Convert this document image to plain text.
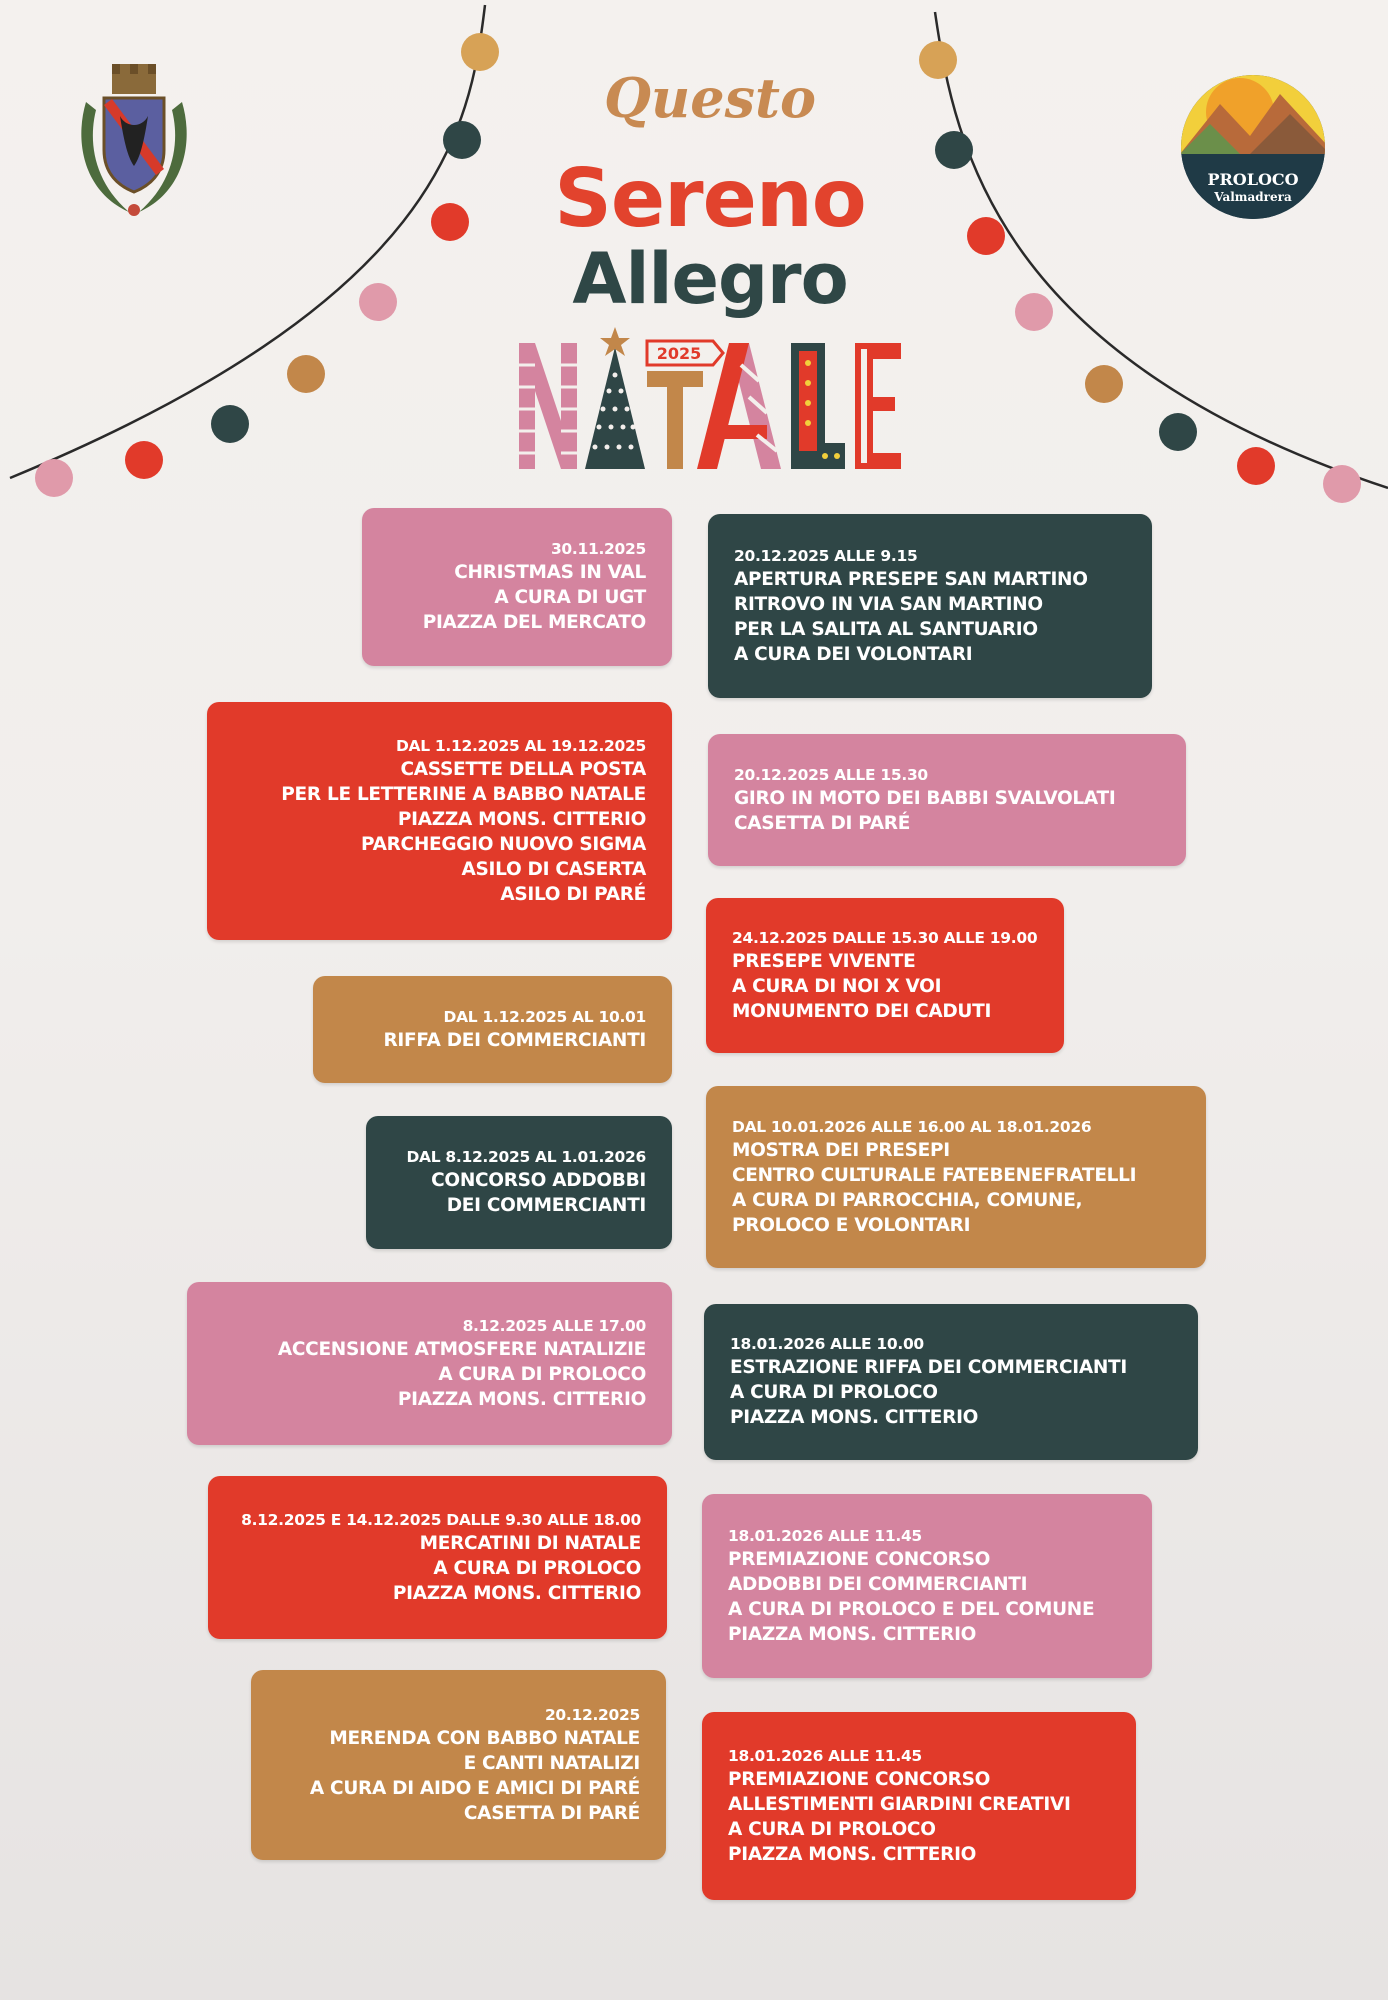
PROLOCO
Valmadrera
Questo
Sereno
Allegro
2025
30.11.2025
CHRISTMAS IN VAL
A CURA DI UGT
PIAZZA DEL MERCATO
DAL 1.12.2025 AL 19.12.2025
CASSETTE DELLA POSTA
PER LE LETTERINE A BABBO NATALE
PIAZZA MONS. CITTERIO
PARCHEGGIO NUOVO SIGMA
ASILO DI CASERTA
ASILO DI PARÉ
DAL 1.12.2025 AL 10.01
RIFFA DEI COMMERCIANTI
DAL 8.12.2025 AL 1.01.2026
CONCORSO ADDOBBI
DEI COMMERCIANTI
8.12.2025 ALLE 17.00
ACCENSIONE ATMOSFERE NATALIZIE
A CURA DI PROLOCO
PIAZZA MONS. CITTERIO
8.12.2025 E 14.12.2025 DALLE 9.30 ALLE 18.00
MERCATINI DI NATALE
A CURA DI PROLOCO
PIAZZA MONS. CITTERIO
20.12.2025
MERENDA CON BABBO NATALE
E CANTI NATALIZI
A CURA DI AIDO E AMICI DI PARÉ
CASETTA DI PARÉ
20.12.2025 ALLE 9.15
APERTURA PRESEPE SAN MARTINO
RITROVO IN VIA SAN MARTINO
PER LA SALITA AL SANTUARIO
A CURA DEI VOLONTARI
20.12.2025 ALLE 15.30
GIRO IN MOTO DEI BABBI SVALVOLATI
CASETTA DI PARÉ
24.12.2025 DALLE 15.30 ALLE 19.00
PRESEPE VIVENTE
A CURA DI NOI X VOI
MONUMENTO DEI CADUTI
DAL 10.01.2026 ALLE 16.00 AL 18.01.2026
MOSTRA DEI PRESEPI
CENTRO CULTURALE FATEBENEFRATELLI
A CURA DI PARROCCHIA, COMUNE,
PROLOCO E VOLONTARI
18.01.2026 ALLE 10.00
ESTRAZIONE RIFFA DEI COMMERCIANTI
A CURA DI PROLOCO
PIAZZA MONS. CITTERIO
18.01.2026 ALLE 11.45
PREMIAZIONE CONCORSO
ADDOBBI DEI COMMERCIANTI
A CURA DI PROLOCO E DEL COMUNE
PIAZZA MONS. CITTERIO
18.01.2026 ALLE 11.45
PREMIAZIONE CONCORSO
ALLESTIMENTI GIARDINI CREATIVI
A CURA DI PROLOCO
PIAZZA MONS. CITTERIO
